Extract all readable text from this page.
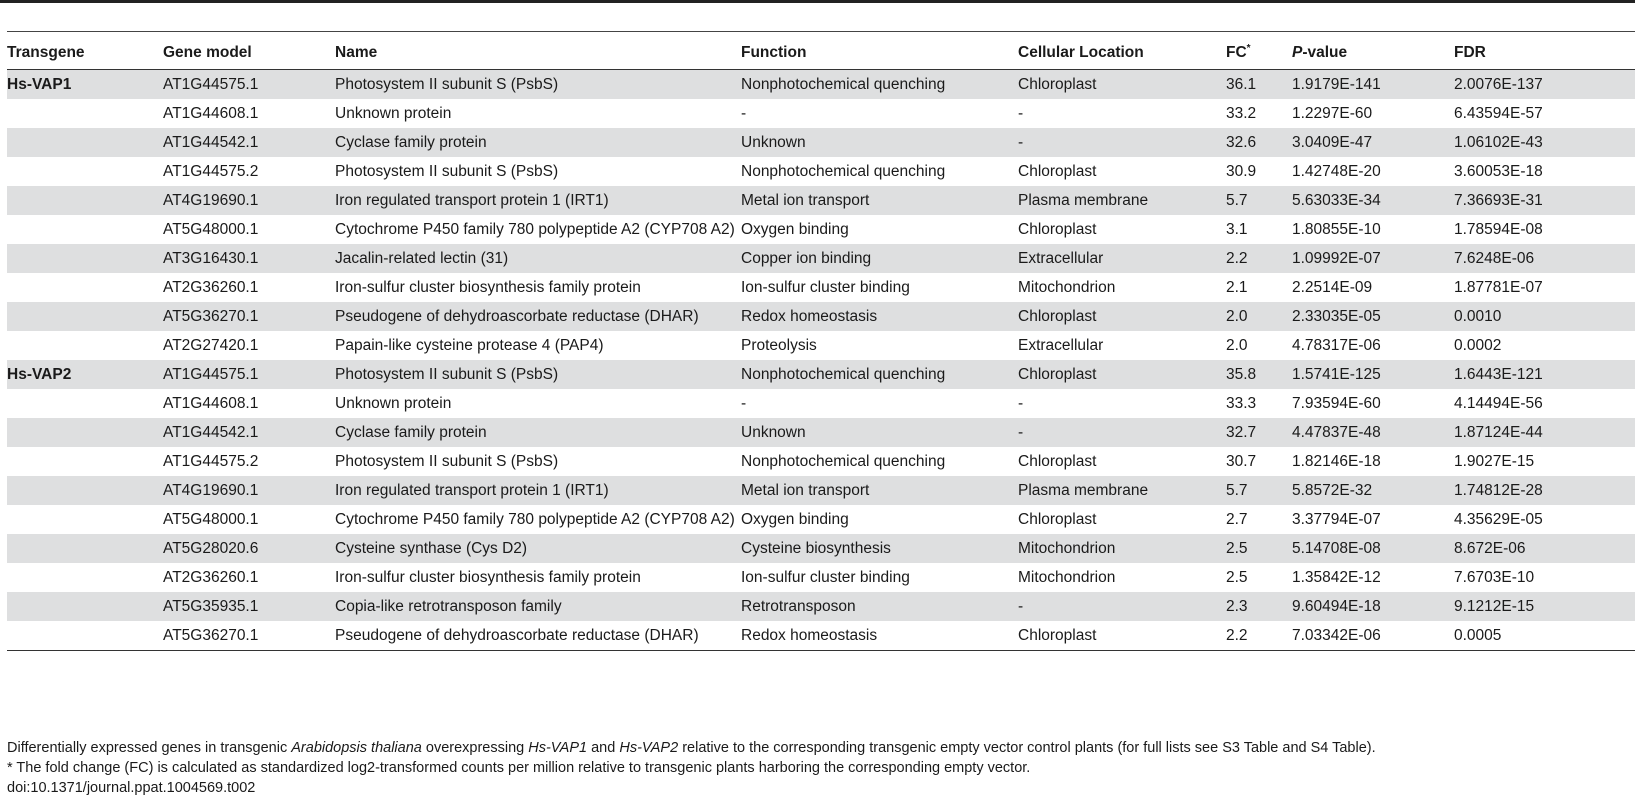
Transgene	Gene model	Name	Function	Cellular Location	FC*	P-value	FDR
Hs-VAP1	AT1G44575.1	Photosystem II subunit S (PsbS)	Nonphotochemical quenching	Chloroplast	36.1	1.9179E-141	2.0076E-137
	AT1G44608.1	Unknown protein	-	-	33.2	1.2297E-60	6.43594E-57
	AT1G44542.1	Cyclase family protein	Unknown	-	32.6	3.0409E-47	1.06102E-43
	AT1G44575.2	Photosystem II subunit S (PsbS)	Nonphotochemical quenching	Chloroplast	30.9	1.42748E-20	3.60053E-18
	AT4G19690.1	Iron regulated transport protein 1 (IRT1)	Metal ion transport	Plasma membrane	5.7	5.63033E-34	7.36693E-31
	AT5G48000.1	Cytochrome P450 family 780 polypeptide A2 (CYP708 A2)	Oxygen binding	Chloroplast	3.1	1.80855E-10	1.78594E-08
	AT3G16430.1	Jacalin-related lectin (31)	Copper ion binding	Extracellular	2.2	1.09992E-07	7.6248E-06
	AT2G36260.1	Iron-sulfur cluster biosynthesis family protein	Ion-sulfur cluster binding	Mitochondrion	2.1	2.2514E-09	1.87781E-07
	AT5G36270.1	Pseudogene of dehydroascorbate reductase (DHAR)	Redox homeostasis	Chloroplast	2.0	2.33035E-05	0.0010
	AT2G27420.1	Papain-like cysteine protease 4 (PAP4)	Proteolysis	Extracellular	2.0	4.78317E-06	0.0002
Hs-VAP2	AT1G44575.1	Photosystem II subunit S (PsbS)	Nonphotochemical quenching	Chloroplast	35.8	1.5741E-125	1.6443E-121
	AT1G44608.1	Unknown protein	-	-	33.3	7.93594E-60	4.14494E-56
	AT1G44542.1	Cyclase family protein	Unknown	-	32.7	4.47837E-48	1.87124E-44
	AT1G44575.2	Photosystem II subunit S (PsbS)	Nonphotochemical quenching	Chloroplast	30.7	1.82146E-18	1.9027E-15
	AT4G19690.1	Iron regulated transport protein 1 (IRT1)	Metal ion transport	Plasma membrane	5.7	5.8572E-32	1.74812E-28
	AT5G48000.1	Cytochrome P450 family 780 polypeptide A2 (CYP708 A2)	Oxygen binding	Chloroplast	2.7	3.37794E-07	4.35629E-05
	AT5G28020.6	Cysteine synthase (Cys D2)	Cysteine biosynthesis	Mitochondrion	2.5	5.14708E-08	8.672E-06
	AT2G36260.1	Iron-sulfur cluster biosynthesis family protein	Ion-sulfur cluster binding	Mitochondrion	2.5	1.35842E-12	7.6703E-10
	AT5G35935.1	Copia-like retrotransposon family	Retrotransposon	-	2.3	9.60494E-18	9.1212E-15
	AT5G36270.1	Pseudogene of dehydroascorbate reductase (DHAR)	Redox homeostasis	Chloroplast	2.2	7.03342E-06	0.0005

Differentially expressed genes in transgenic Arabidopsis thaliana overexpressing Hs-VAP1 and Hs-VAP2 relative to the corresponding transgenic empty vector control plants (for full lists see S3 Table and S4 Table).

* The fold change (FC) is calculated as standardized log2-transformed counts per million relative to transgenic plants harboring the corresponding empty vector.

doi:10.1371/journal.ppat.1004569.t002
